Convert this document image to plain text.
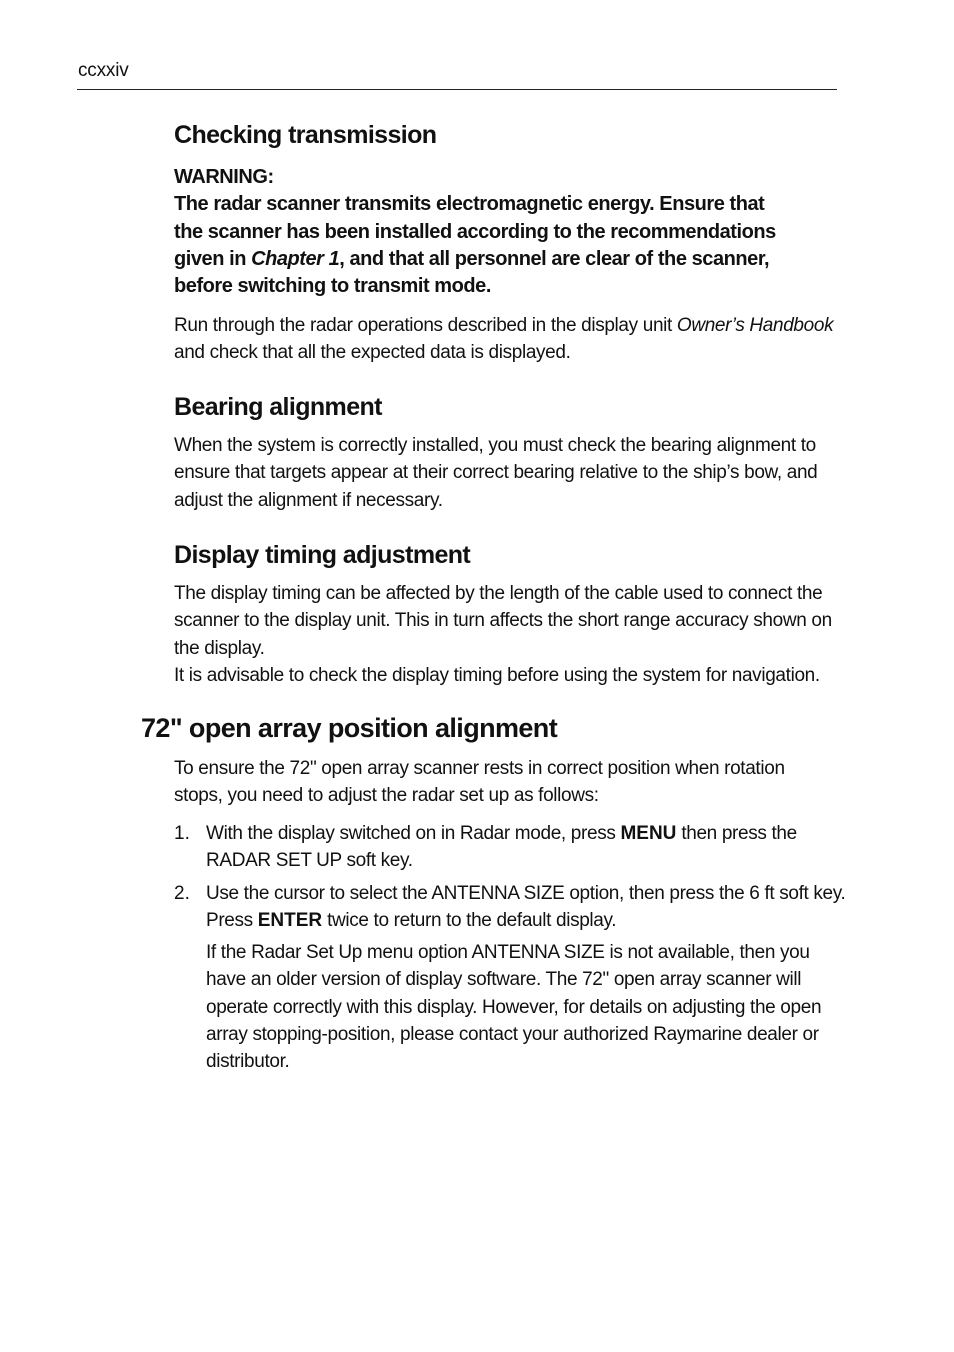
ccxxiv
Checking transmission
WARNING:
The radar scanner transmits electromagnetic energy. Ensure that
the scanner has been installed according to the recommendations
given in Chapter 1, and that all personnel are clear of the scanner,
before switching to transmit mode.

Run through the radar operations described in the display unit Owner’s Handbook
and check that all the expected data is displayed.

Bearing alignment

When the system is correctly installed, you must check the bearing alignment to
ensure that targets appear at their correct bearing relative to the ship’s bow, and
adjust the alignment if necessary.

Display timing adjustment

The display timing can be affected by the length of the cable used to connect the
scanner to the display unit. This in turn affects the short range accuracy shown on
the display.
It is advisable to check the display timing before using the system for navigation.

72" open array position alignment

To ensure the 72" open array scanner rests in correct position when rotation
stops, you need to adjust the radar set up as follows:

1. With the display switched on in Radar mode, press MENU then press the
RADAR SET UP soft key.

2. Use the cursor to select the ANTENNA SIZE option, then press the 6 ft soft key.
Press ENTER twice to return to the default display.

If the Radar Set Up menu option ANTENNA SIZE is not available, then you
have an older version of display software. The 72" open array scanner will
operate correctly with this display. However, for details on adjusting the open
array stopping-position, please contact your authorized Raymarine dealer or
distributor.
